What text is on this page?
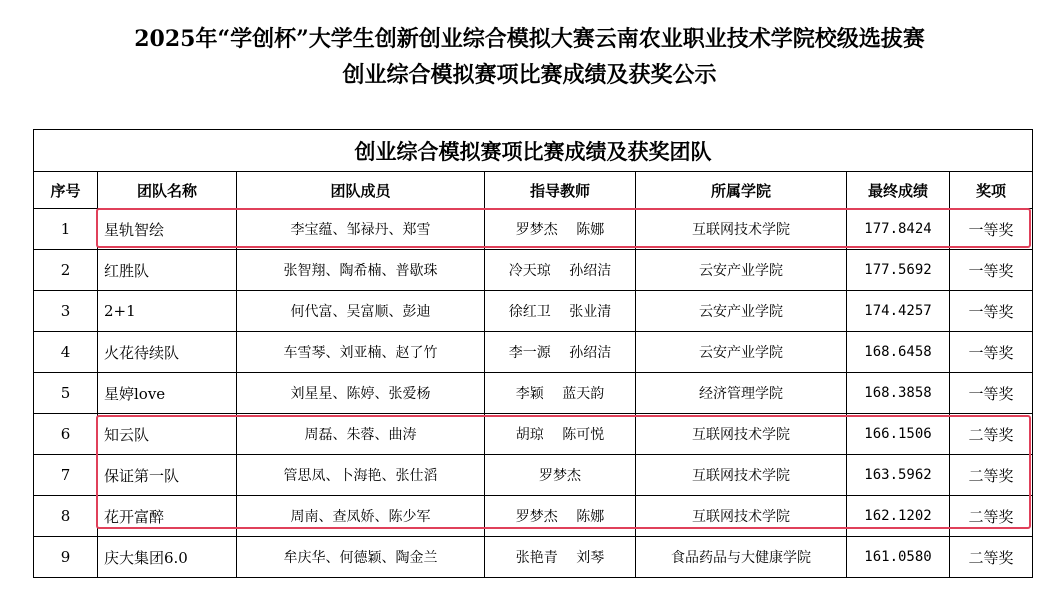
2025年“学创杯”大学生创新创业综合模拟大赛云南农业职业技术学院校级选拔赛
创业综合模拟赛项比赛成绩及获奖公示
创业综合模拟赛项比赛成绩及获奖团队						
序号	团队名称	团队成员	指导教师	所属学院	最终成绩	奖项
1	星轨智绘	李宝蕴、邹禄丹、郑雪	罗梦杰　 陈娜	互联网技术学院	177.8424	一等奖
2	红胜队	张智翔、陶希楠、普歇珠	冷天琼　 孙绍洁	云安产业学院	177.5692	一等奖
3	2+1	何代富、吴富顺、彭迪	徐红卫　 张业清	云安产业学院	174.4257	一等奖
4	火花待续队	车雪琴、刘亚楠、赵了竹	李一源　 孙绍洁	云安产业学院	168.6458	一等奖
5	星婷love	刘星星、陈婷、张爱杨	李颖　 蓝天韵	经济管理学院	168.3858	一等奖
6	知云队	周磊、朱蓉、曲涛	胡琼　 陈可悦	互联网技术学院	166.1506	二等奖
7	保证第一队	管思凤、卜海艳、张仕滔	罗梦杰	互联网技术学院	163.5962	二等奖
8	花开富醉	周南、查凤娇、陈少军	罗梦杰　 陈娜	互联网技术学院	162.1202	二等奖
9	庆大集团6.0	牟庆华、何德颖、陶金兰	张艳青　 刘琴	食品药品与大健康学院	161.0580	二等奖
